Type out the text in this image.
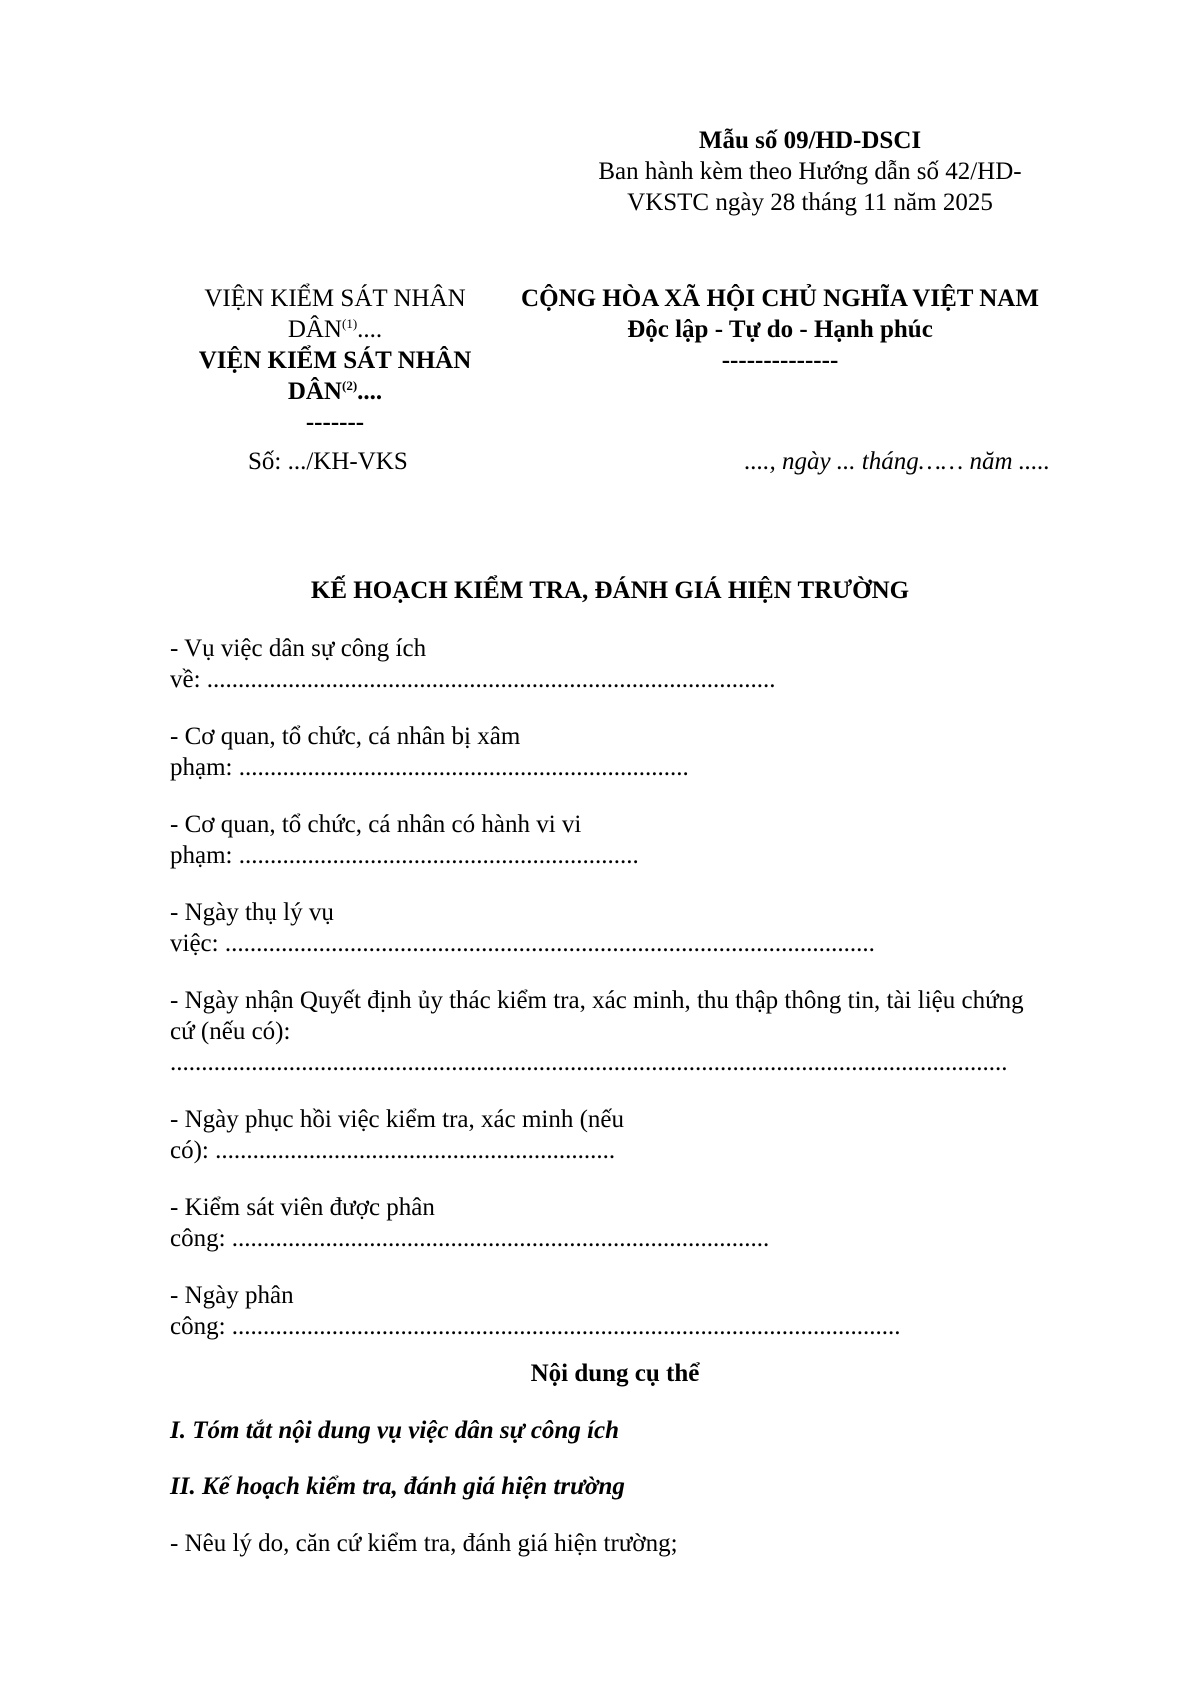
Mẫu số 09/HD-DSCI
Ban hành kèm theo Hướng dẫn số 42/HD-
VKSTC ngày 28 tháng 11 năm 2025
VIỆN KIỂM SÁT NHÂN
DÂN$^{(1)}$....
VIỆN KIỂM SÁT NHÂN
DÂN$^{(2)}$....
-------
CỘNG HÒA XÃ HỘI CHỦ NGHĨA VIỆT NAM
Độc lập - Tự do - Hạnh phúc
--------------
Số: .../KH-VKS	...., ngày ... tháng…… năm .....
KẾ HOẠCH KIỂM TRA, ĐÁNH GIÁ HIỆN TRƯỜNG
- Vụ việc dân sự công ích
về: ...........................................................................................
- Cơ quan, tổ chức, cá nhân bị xâm
phạm: ........................................................................
- Cơ quan, tổ chức, cá nhân có hành vi vi
phạm: ................................................................
- Ngày thụ lý vụ
việc: ........................................................................................................
- Ngày nhận Quyết định ủy thác kiểm tra, xác minh, thu thập thông tin, tài liệu chứng
cứ (nếu có):
......................................................................................................................................
- Ngày phục hồi việc kiểm tra, xác minh (nếu
có): ................................................................
- Kiểm sát viên được phân
công: ......................................................................................
- Ngày phân
công: ...........................................................................................................
Nội dung cụ thể
I. Tóm tắt nội dung vụ việc dân sự công ích
II. Kế hoạch kiểm tra, đánh giá hiện trường
- Nêu lý do, căn cứ kiểm tra, đánh giá hiện trường;
